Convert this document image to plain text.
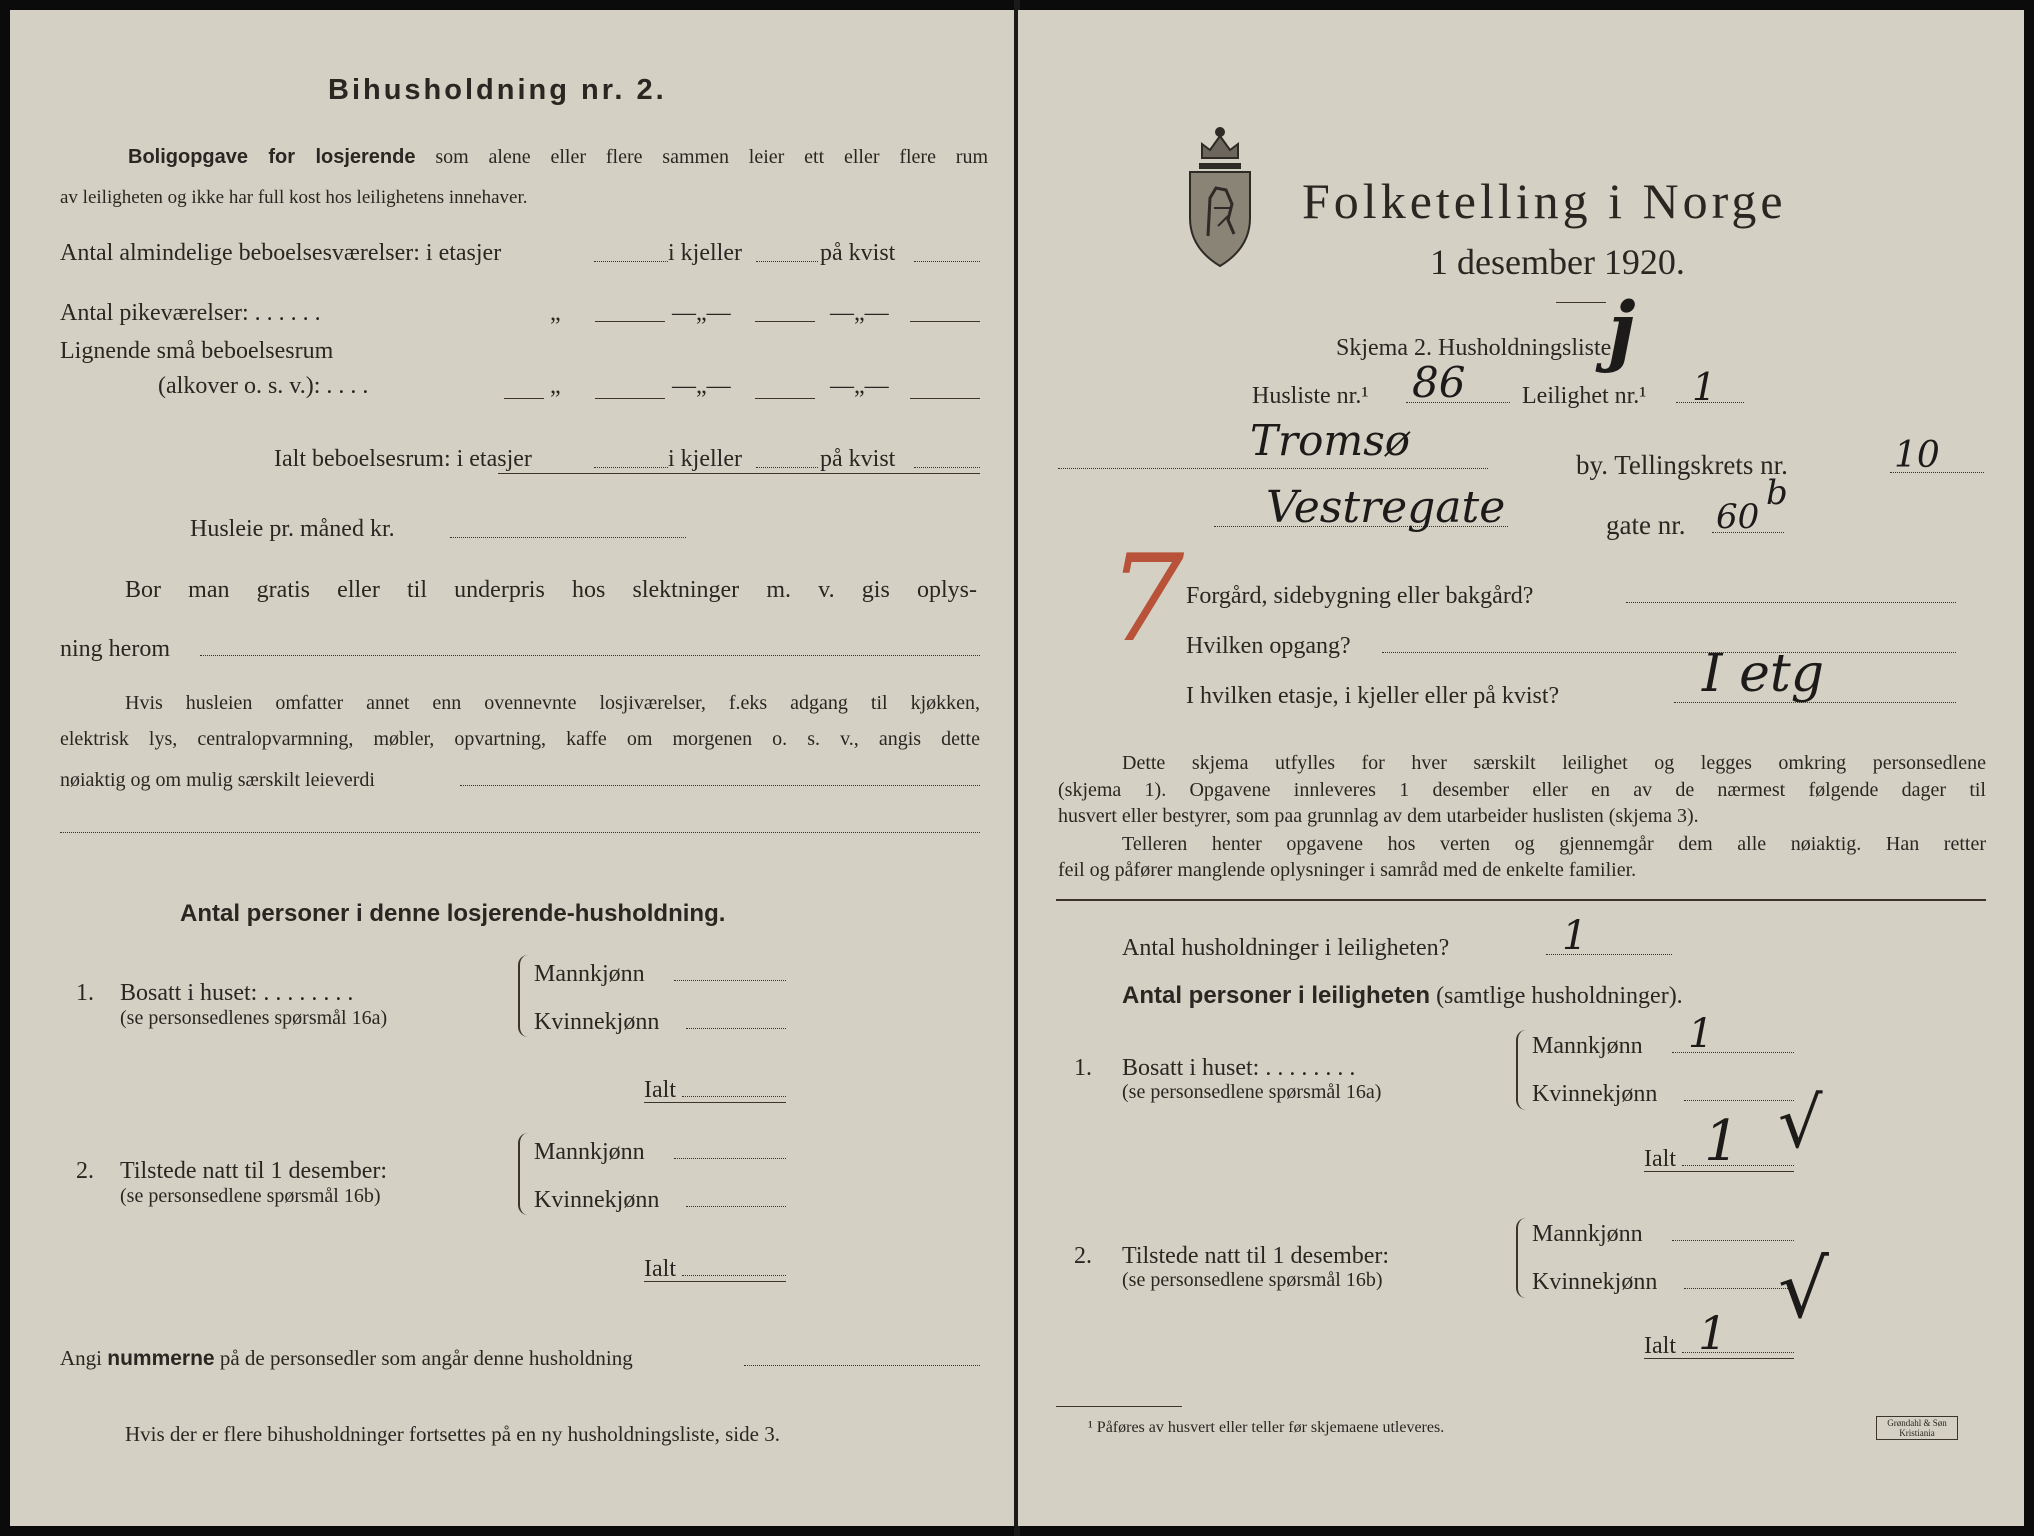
Bihusholdning nr. 2.
Boligopgave for losjerende som alene eller flere sammen leier ett eller flere rum
av leiligheten og ikke har full kost hos leilighetens innehaver.
Antal almindelige beboelsesværelser: i etasjer	i kjeller	på kvist
Antal pikeværelser: . . . . . .	„	—„—	—„—
Lignende små beboelsesrum
(alkover o. s. v.): . . . .	„	—„—	—„—
Ialt beboelsesrum: i etasjer	i kjeller	på kvist
Husleie pr. måned kr.
Bor man gratis eller til underpris hos slektninger m. v. gis oplys-
ning herom
Hvis husleien omfatter annet enn ovennevnte losjiværelser, f.eks adgang til kjøkken,
elektrisk lys, centralopvarmning, møbler, opvartning, kaffe om morgenen o. s. v., angis dette
nøiaktig og om mulig særskilt leieverdi
Antal personer i denne losjerende-husholdning.
1. Bosatt i huset: . . . . . . . .
(se personsedlenes spørsmål 16a)
Mannkjønn
Kvinnekjønn
Ialt
2. Tilstede natt til 1 desember:
(se personsedlene spørsmål 16b)
Mannkjønn
Kvinnekjønn
Ialt
Angi nummerne på de personsedler som angår denne husholdning
Hvis der er flere bihusholdninger fortsettes på en ny husholdningsliste, side 3.
Folketelling i Norge
1 desember 1920.
Skjema 2. Husholdningsliste.
j
Husliste nr.¹ 86 Leilighet nr.¹ 1
Tromsø	by. Tellingskrets nr.	10
Vestregate	gate nr. 60
b
7 Forgård, sidebygning eller bakgård?
Hvilken opgang?
I hvilken etasje, i kjeller eller på kvist?	I etg
Dette skjema utfylles for hver særskilt leilighet og legges omkring personsedlene
(skjema 1). Opgavene innleveres 1 desember eller en av de nærmest følgende dager til
husvert eller bestyrer, som paa grunnlag av dem utarbeider huslisten (skjema 3).
Telleren henter opgavene hos verten og gjennemgår dem alle nøiaktig. Han retter
feil og påfører manglende oplysninger i samråd med de enkelte familier.
Antal husholdninger i leiligheten?	1
Antal personer i leiligheten (samtlige husholdninger).
1. Bosatt i huset: . . . . . . . .
(se personsedlene spørsmål 16a)
Mannkjønn 1
Kvinnekjønn
Ialt 1 √
2. Tilstede natt til 1 desember:
(se personsedlene spørsmål 16b)
Mannkjønn
Kvinnekjønn
Ialt 1 √
¹ Påføres av husvert eller teller før skjemaene utleveres.	Grøndahl & Søn
Kristiania
